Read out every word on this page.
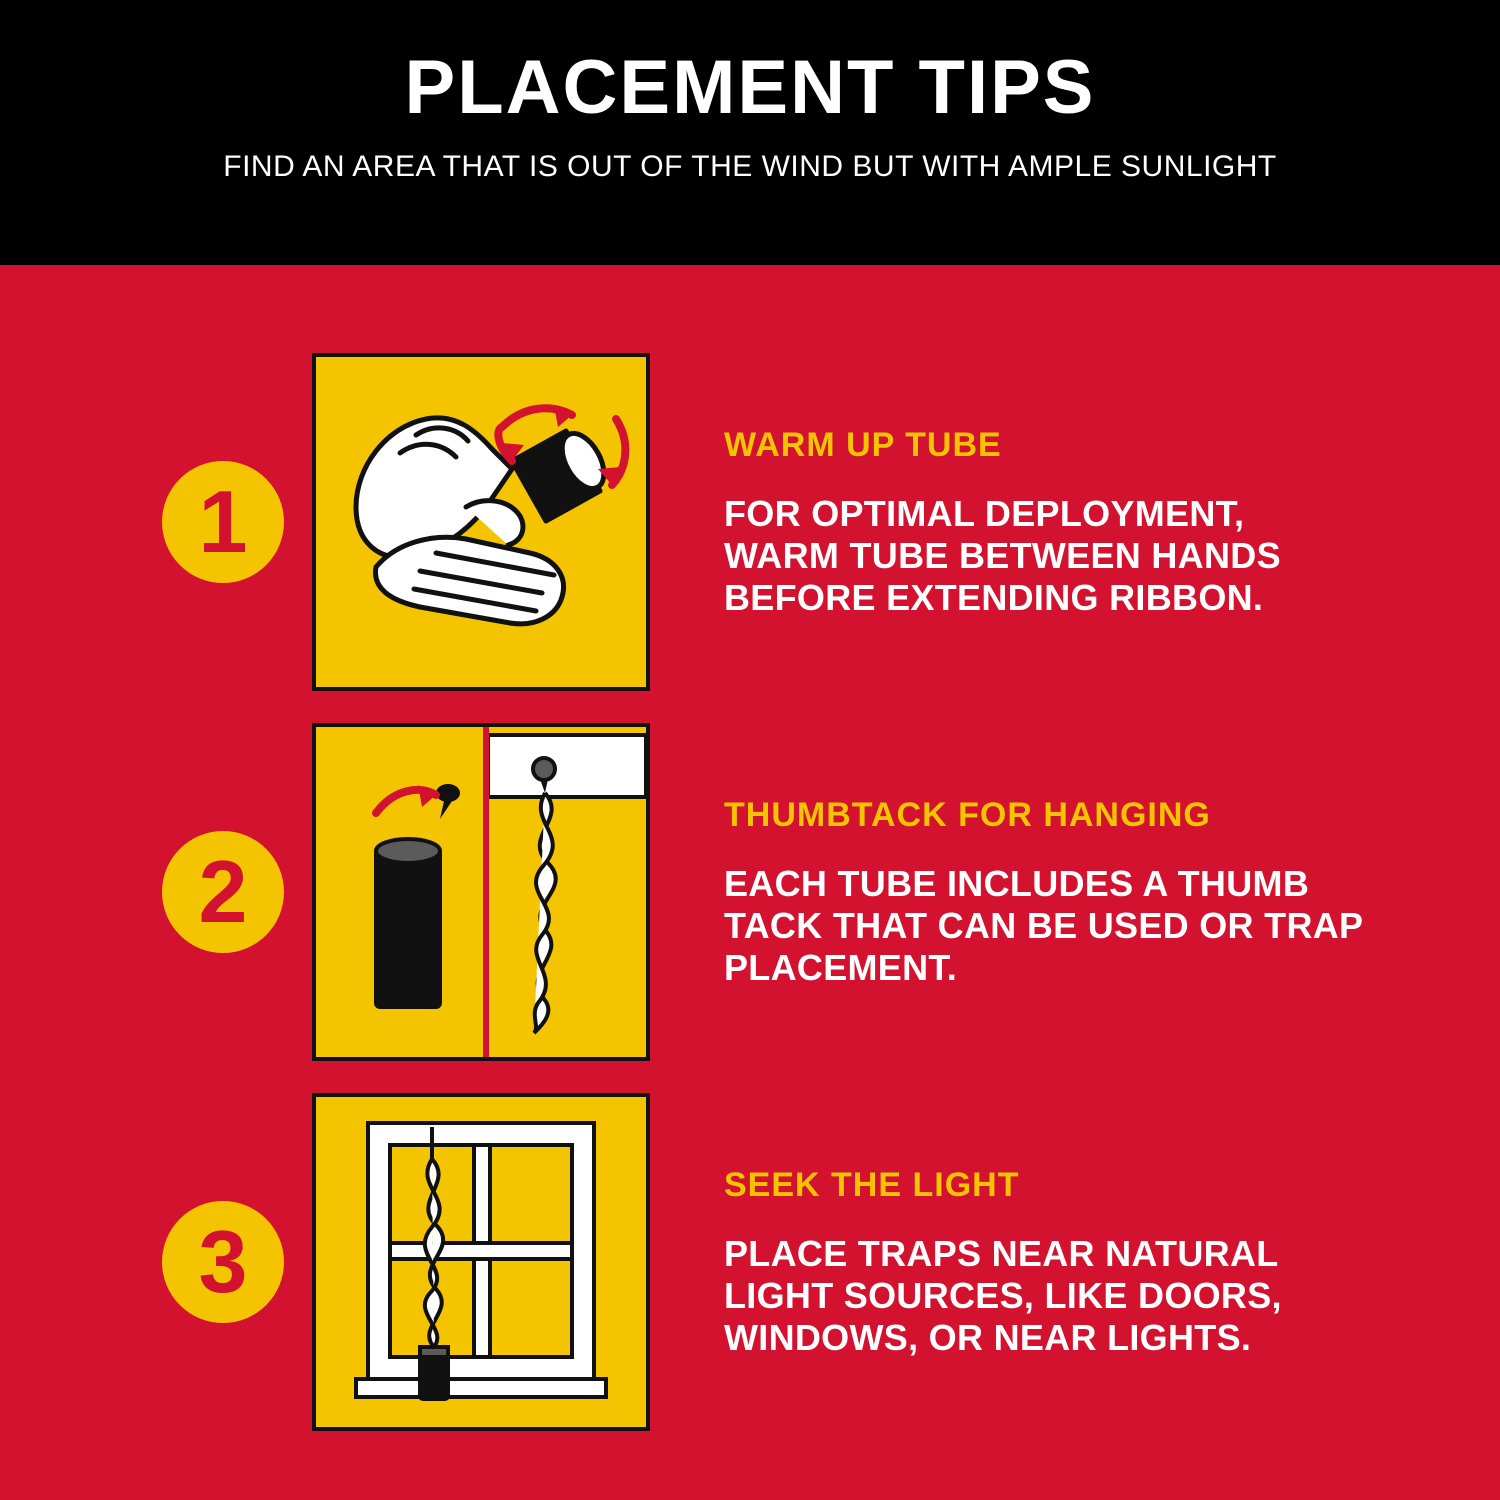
PLACEMENT TIPS

FIND AN AREA THAT IS OUT OF THE WIND BUT WITH AMPLE SUNLIGHT

1
WARM UP TUBE

FOR OPTIMAL DEPLOYMENT, WARM TUBE BETWEEN HANDS BEFORE EXTENDING RIBBON.

2
THUMBTACK FOR HANGING

EACH TUBE INCLUDES A THUMB TACK THAT CAN BE USED OR TRAP PLACEMENT.

3
SEEK THE LIGHT

PLACE TRAPS NEAR NATURAL LIGHT SOURCES, LIKE DOORS, WINDOWS, OR NEAR LIGHTS.
